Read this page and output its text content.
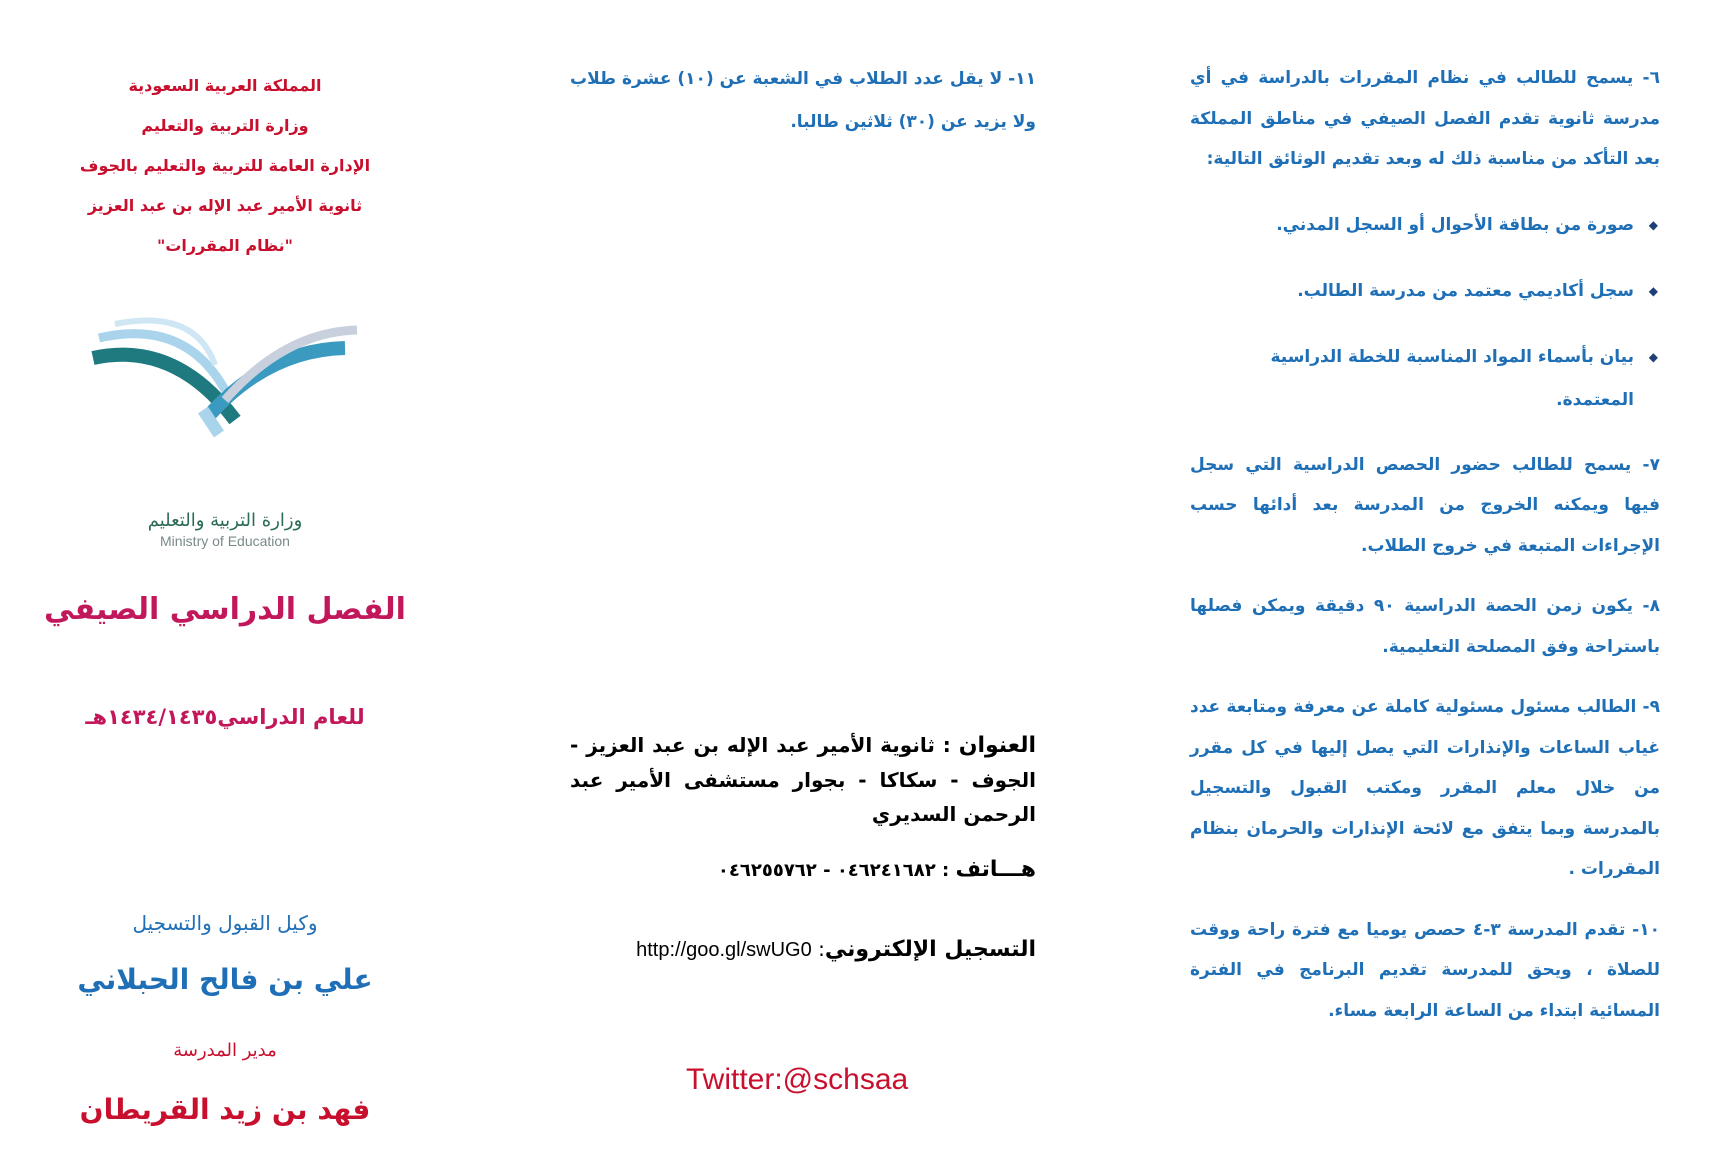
٦- يسمح للطالب في نظام المقررات بالدراسة في أي مدرسة ثانوية تقدم الفصل الصيفي في مناطق المملكة بعد التأكد من مناسبة ذلك له وبعد تقديم الوثائق التالية:

◆
صورة من بطاقة الأحوال أو السجل المدني.
◆
سجل أكاديمي معتمد من مدرسة الطالب.
◆
بيان بأسماء المواد المناسبة للخطة الدراسية المعتمدة.

٧- يسمح للطالب حضور الحصص الدراسية التي سجل فيها ويمكنه الخروج من المدرسة بعد أدائها حسب الإجراءات المتبعة في خروج الطلاب.

٨- يكون زمن الحصة الدراسية ٩٠ دقيقة ويمكن فصلها باستراحة وفق المصلحة التعليمية.

٩- الطالب مسئول مسئولية كاملة عن معرفة ومتابعة عدد غياب الساعات والإنذارات التي يصل إليها في كل مقرر من خلال معلم المقرر ومكتب القبول والتسجيل بالمدرسة وبما يتفق مع لائحة الإنذارات والحرمان بنظام المقررات .

١٠- تقدم المدرسة ٣-٤ حصص يوميا مع فترة راحة ووقت للصلاة ، ويحق للمدرسة تقديم البرنامج في الفترة المسائية ابتداء من الساعة الرابعة مساء.

١١- لا يقل عدد الطلاب في الشعبة عن (١٠) عشرة طلاب ولا يزيد عن (٣٠) ثلاثين طالبا.
العنوان : ثانوية الأمير عبد الإله بن عبد العزيز - الجوف - سكاكا - بجوار مستشفى الأمير عبد الرحمن السديري
هـــاتف : ٠٤٦٢٤١٦٨٢ - ٠٤٦٢٥٥٧٦٢
التسجيل الإلكتروني: http://goo.gl/swUG0
Twitter:@schsaa
المملكة العربية السعودية
وزارة التربية والتعليم
الإدارة العامة للتربية والتعليم بالجوف
ثانوية الأمير عبد الإله بن عبد العزيز
"نظام المقررات"
وزارة التربية والتعليم
Ministry of Education
الفصل الدراسي الصيفي
للعام الدراسي١٤٣٤/١٤٣٥هـ
وكيل القبول والتسجيل
علي بن فالح الحبلاني
مدير المدرسة
فهد بن زيد القريطان
